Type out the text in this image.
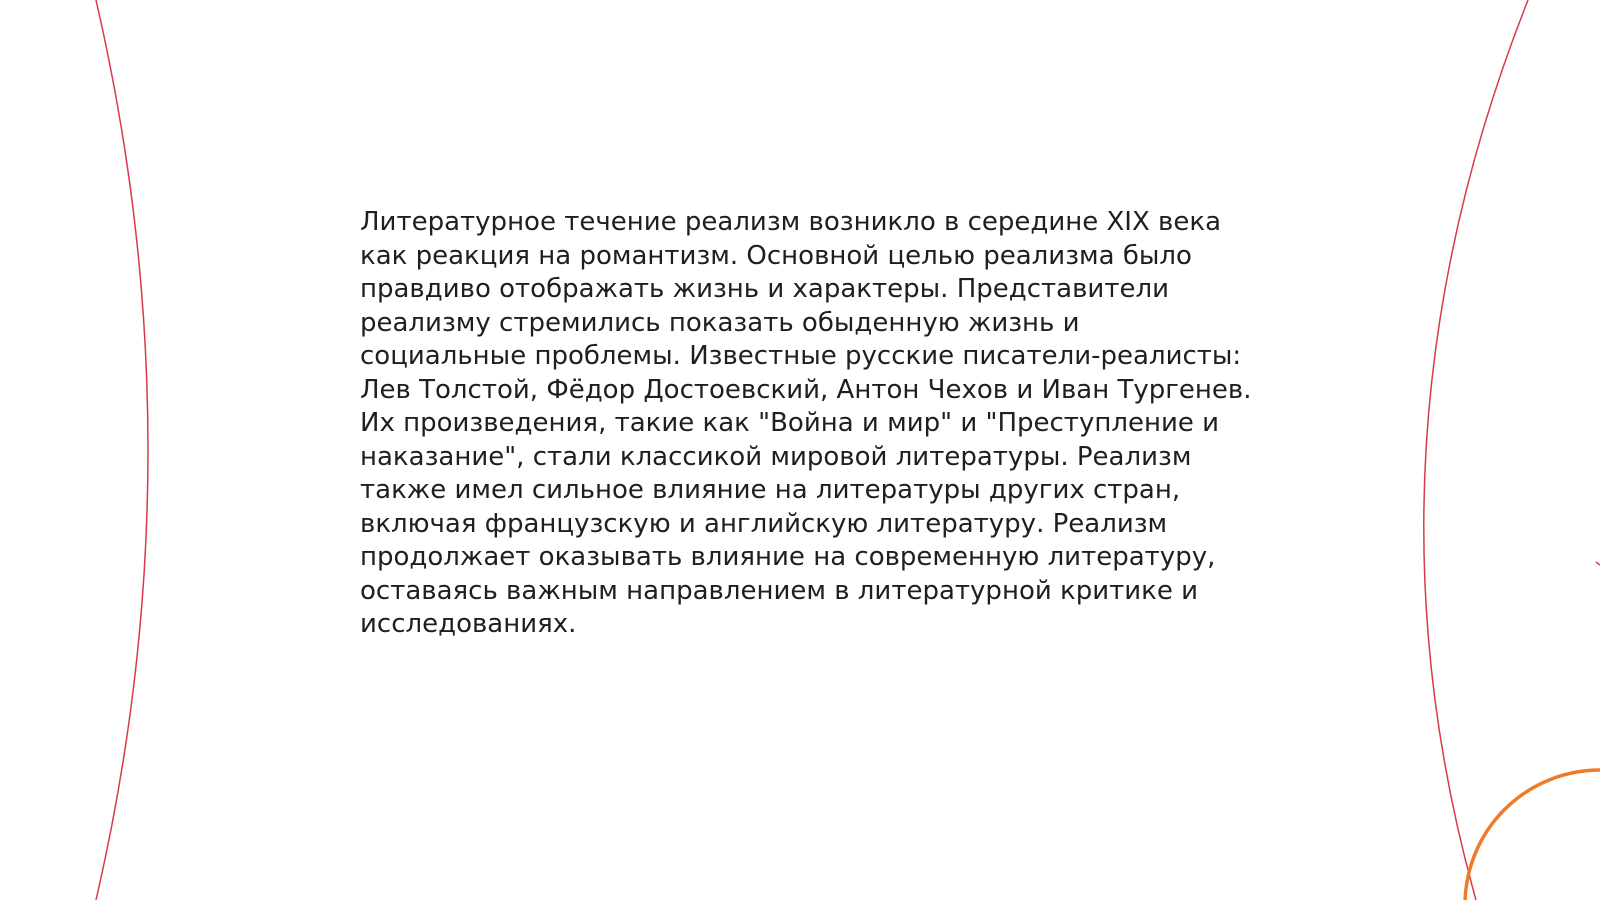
Литературное течение реализм возникло в середине XIX века
как реакция на романтизм. Основной целью реализма было
правдиво отображать жизнь и характеры. Представители
реализму стремились показать обыденную жизнь и
социальные проблемы. Известные русские писатели-реалисты:
Лев Толстой, Фёдор Достоевский, Антон Чехов и Иван Тургенев.
Их произведения, такие как "Война и мир" и "Преступление и
наказание", стали классикой мировой литературы. Реализм
также имел сильное влияние на литературы других стран,
включая французскую и английскую литературу. Реализм
продолжает оказывать влияние на современную литературу,
оставаясь важным направлением в литературной критике и
исследованиях.
